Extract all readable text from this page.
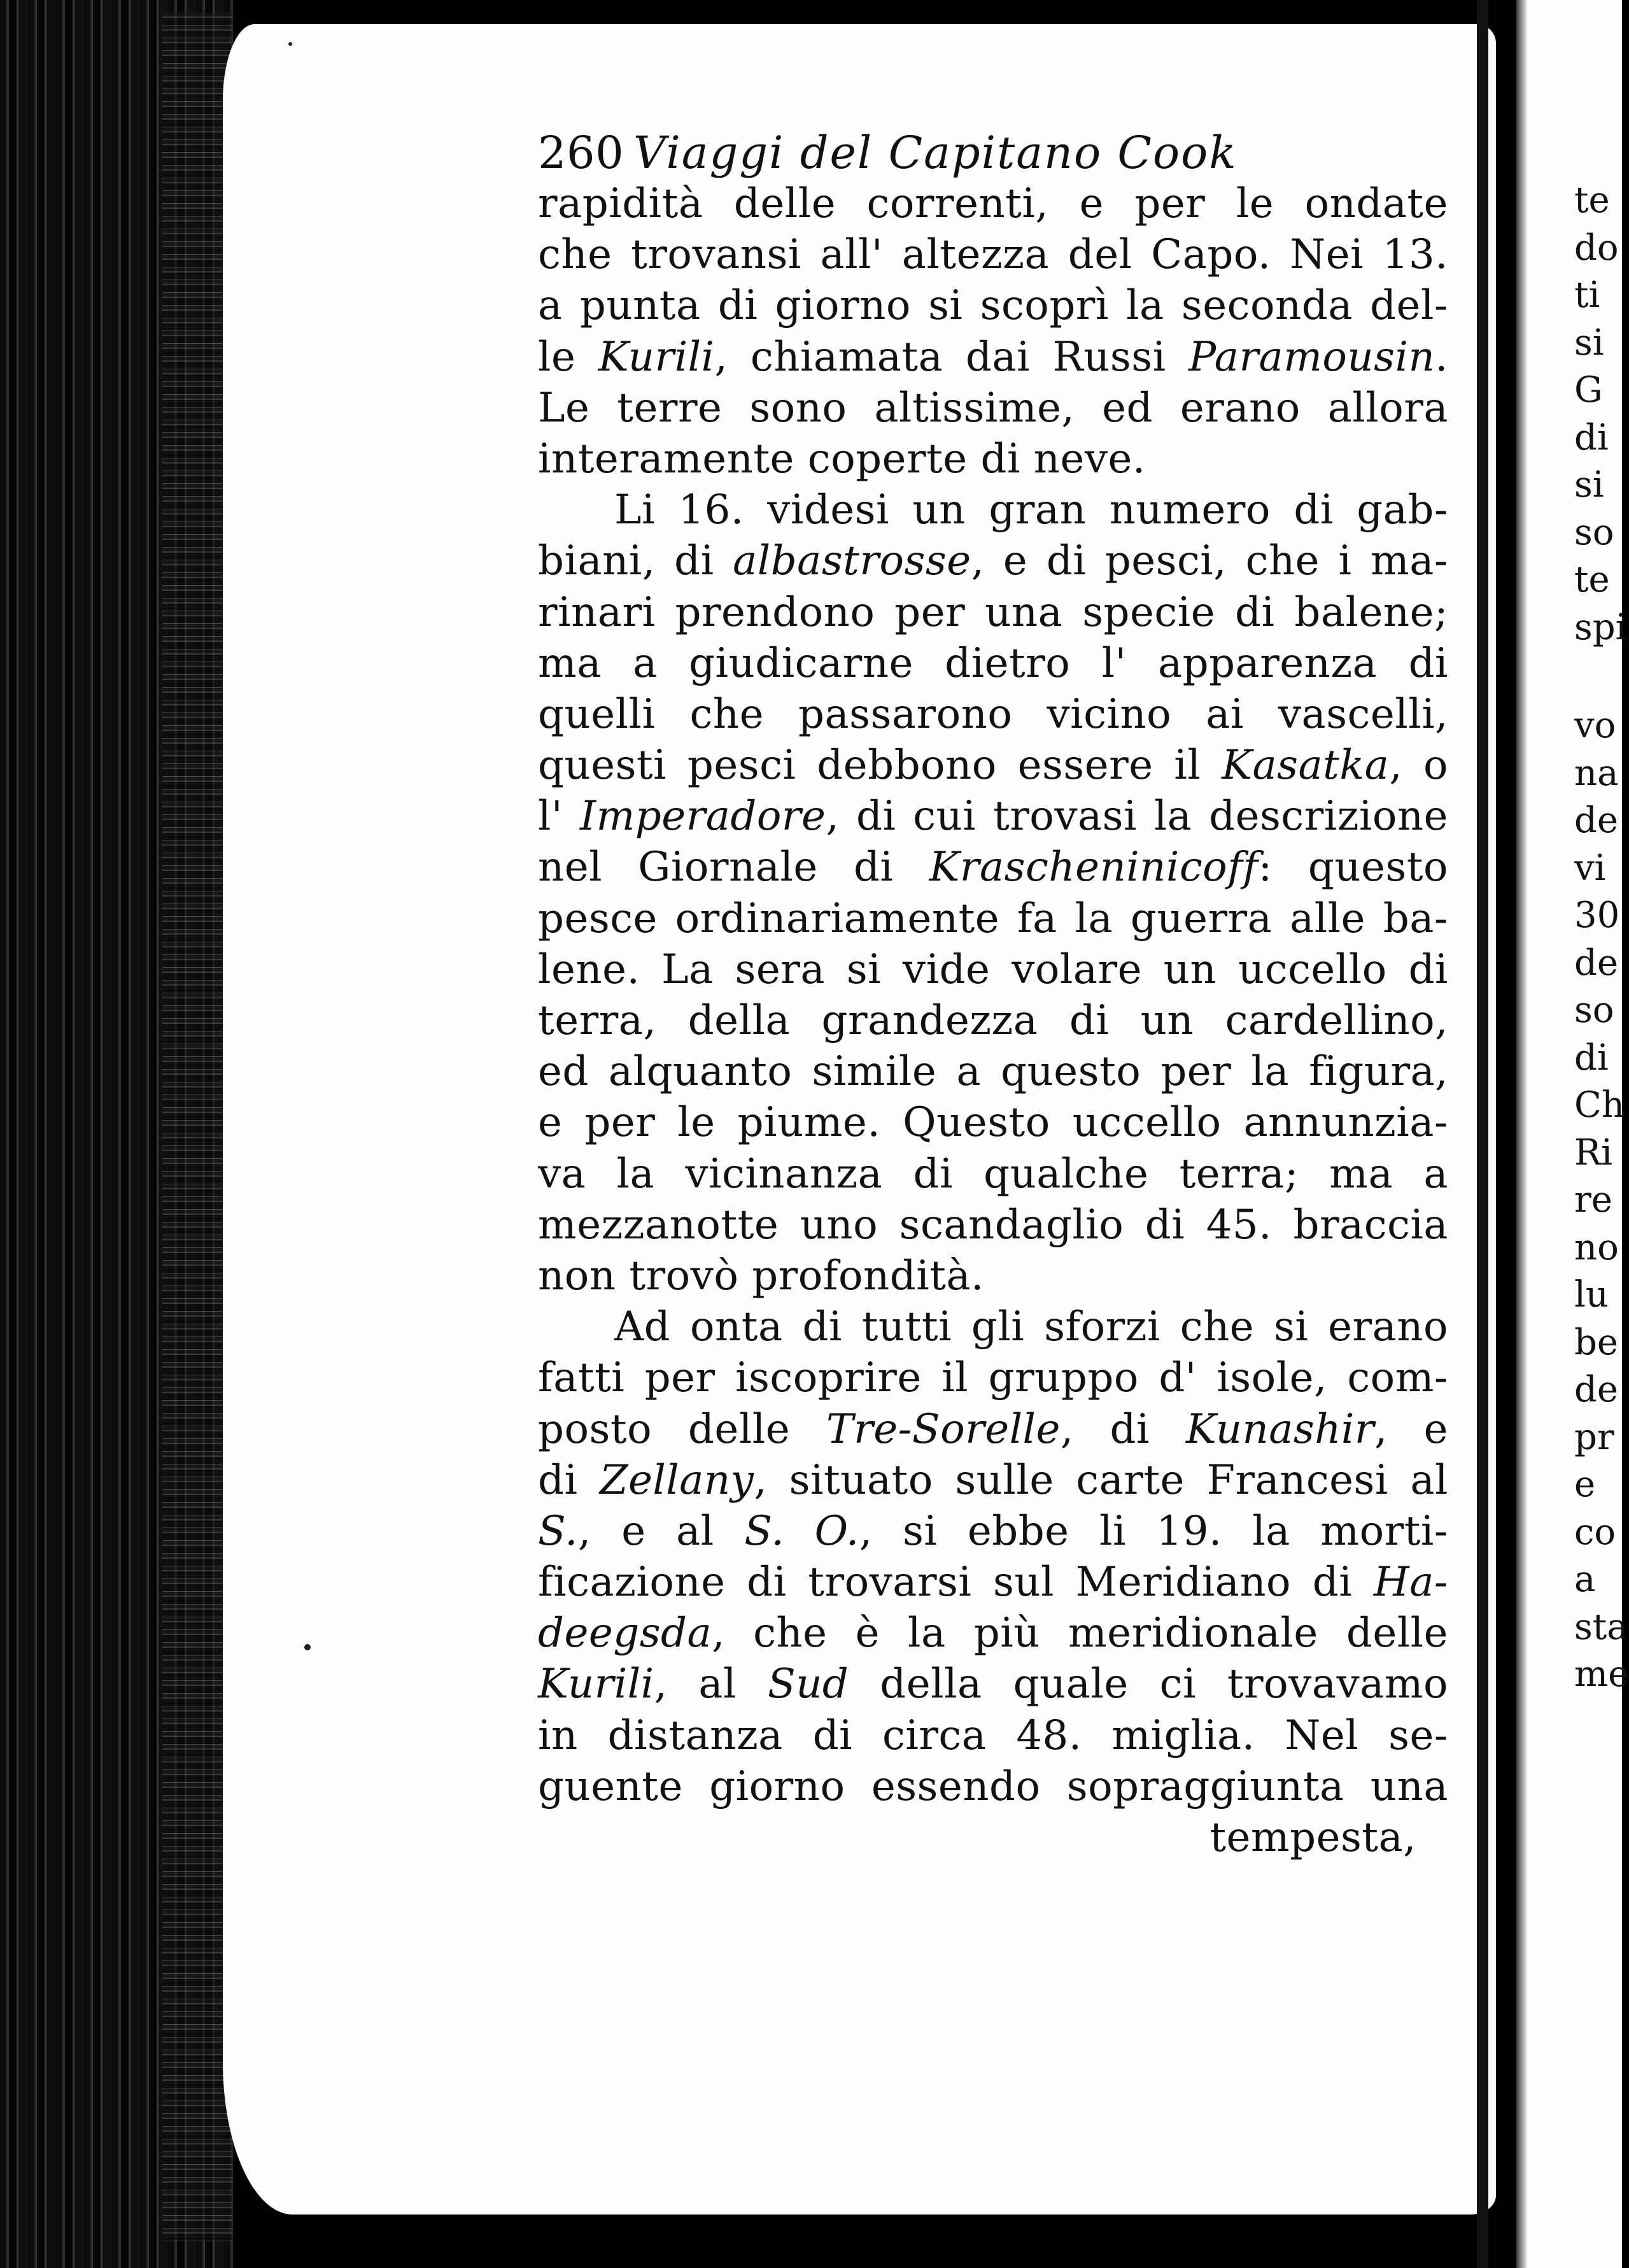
260 Viaggi del Capitano Cook
rapidità delle correnti, e per le ondate
che trovansi all' altezza del Capo. Nei 13.
a punta di giorno si scoprì la seconda del-
le Kurili, chiamata dai Russi Paramousin.
Le terre sono altissime, ed erano allora
interamente coperte di neve.
Li 16. videsi un gran numero di gab-
biani, di albastrosse, e di pesci, che i ma-
rinari prendono per una specie di balene;
ma a giudicarne dietro l' apparenza di
quelli che passarono vicino ai vascelli,
questi pesci debbono essere il Kasatka, o
l' Imperadore, di cui trovasi la descrizione
nel Giornale di Krascheninicoff: questo
pesce ordinariamente fa la guerra alle ba-
lene. La sera si vide volare un uccello di
terra, della grandezza di un cardellino,
ed alquanto simile a questo per la figura,
e per le piume. Questo uccello annunzia-
va la vicinanza di qualche terra; ma a
mezzanotte uno scandaglio di 45. braccia
non trovò profondità.
Ad onta di tutti gli sforzi che si erano
fatti per iscoprire il gruppo d' isole, com-
posto delle Tre-Sorelle, di Kunashir, e
di Zellany, situato sulle carte Francesi al
S., e al S. O., si ebbe li 19. la morti-
ficazione di trovarsi sul Meridiano di Ha-
deegsda, che è la più meridionale delle
Kurili, al Sud della quale ci trovavamo
in distanza di circa 48. miglia. Nel se-
guente giorno essendo sopraggiunta una
tempesta,
te
do
ti
si
G
di
si
so
te
spi
vo
na
de
vi
30
de
so
di
Ch
Ri
re
no
lu
be
de
pr
e
co
a
sta
me
